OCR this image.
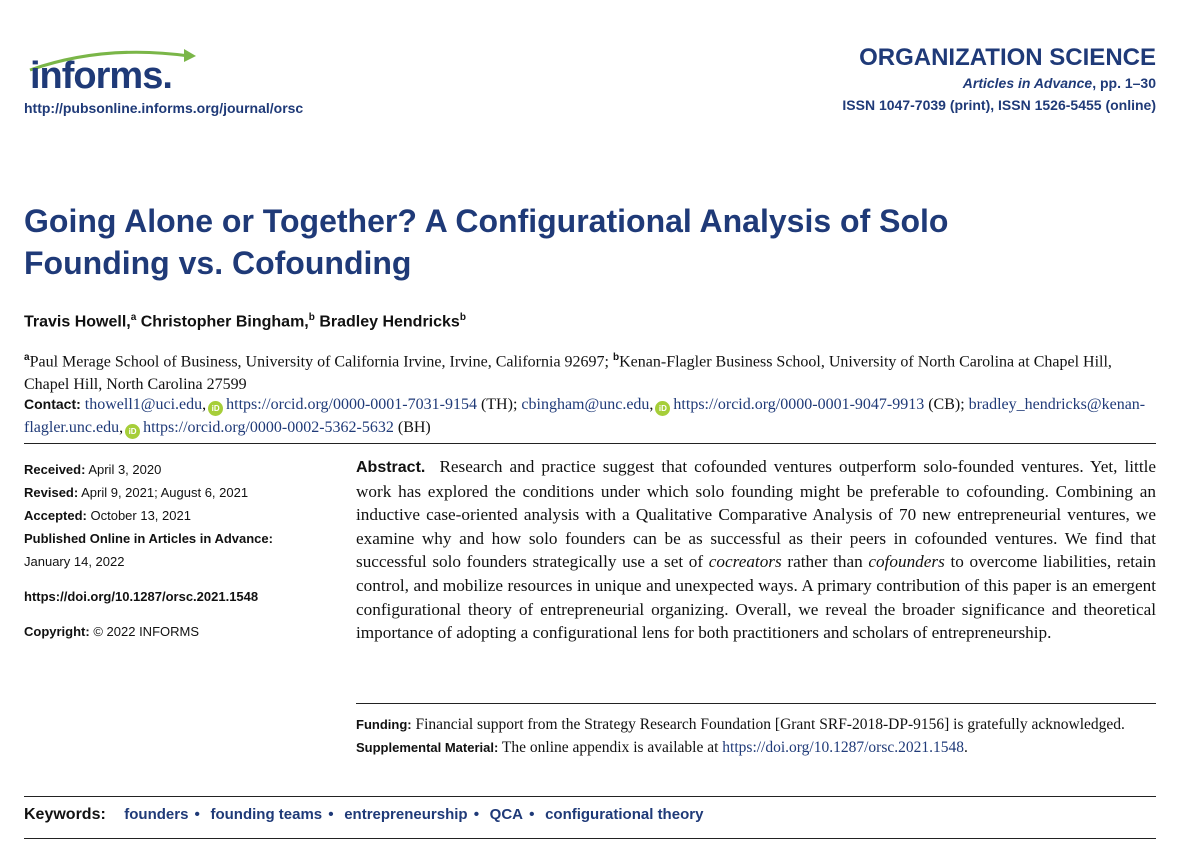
informs.
http://pubsonline.informs.org/journal/orsc
ORGANIZATION SCIENCE
Articles in Advance, pp. 1–30
ISSN 1047-7039 (print), ISSN 1526-5455 (online)
Going Alone or Together? A Configurational Analysis of Solo
Founding vs. Cofounding
Travis Howell,$^a$ Christopher Bingham,$^b$ Bradley Hendricks$^b$
$^a$Paul Merage School of Business, University of California Irvine, Irvine, California 92697; $^b$Kenan-Flagler Business School, University of North Carolina at Chapel Hill, Chapel Hill, North Carolina 27599
Contact: thowell1@uci.edu, iD https://orcid.org/0000-0001-7031-9154 (TH); cbingham@unc.edu, iD https://orcid.org/0000-0001-9047-9913 (CB); bradley_hendricks@kenan-flagler.unc.edu, iD https://orcid.org/0000-0002-5362-5632 (BH)
Received: April 3, 2020
Revised: April 9, 2021; August 6, 2021
Accepted: October 13, 2021
Published Online in Articles in Advance:
January 14, 2022
https://doi.org/10.1287/orsc.2021.1548
Copyright: © 2022 INFORMS
Abstract. Research and practice suggest that cofounded ventures outperform solo-founded ventures. Yet, little work has explored the conditions under which solo founding might be preferable to cofounding. Combining an inductive case-oriented analysis with a Qualitative Comparative Analysis of 70 new entrepreneurial ventures, we examine why and how solo founders can be as successful as their peers in cofounded ventures. We find that successful solo founders strategically use a set of cocreators rather than cofounders to overcome liabilities, retain control, and mobilize resources in unique and unexpected ways. A primary contribution of this paper is an emergent configurational theory of entrepreneurial organizing. Overall, we reveal the broader significance and theoretical importance of adopting a configurational lens for both practitioners and scholars of entrepreneurship.
Funding: Financial support from the Strategy Research Foundation [Grant SRF-2018-DP-9156] is gratefully acknowledged.
Supplemental Material: The online appendix is available at https://doi.org/10.1287/orsc.2021.1548.
Keywords: founders • founding teams • entrepreneurship • QCA • configurational theory
